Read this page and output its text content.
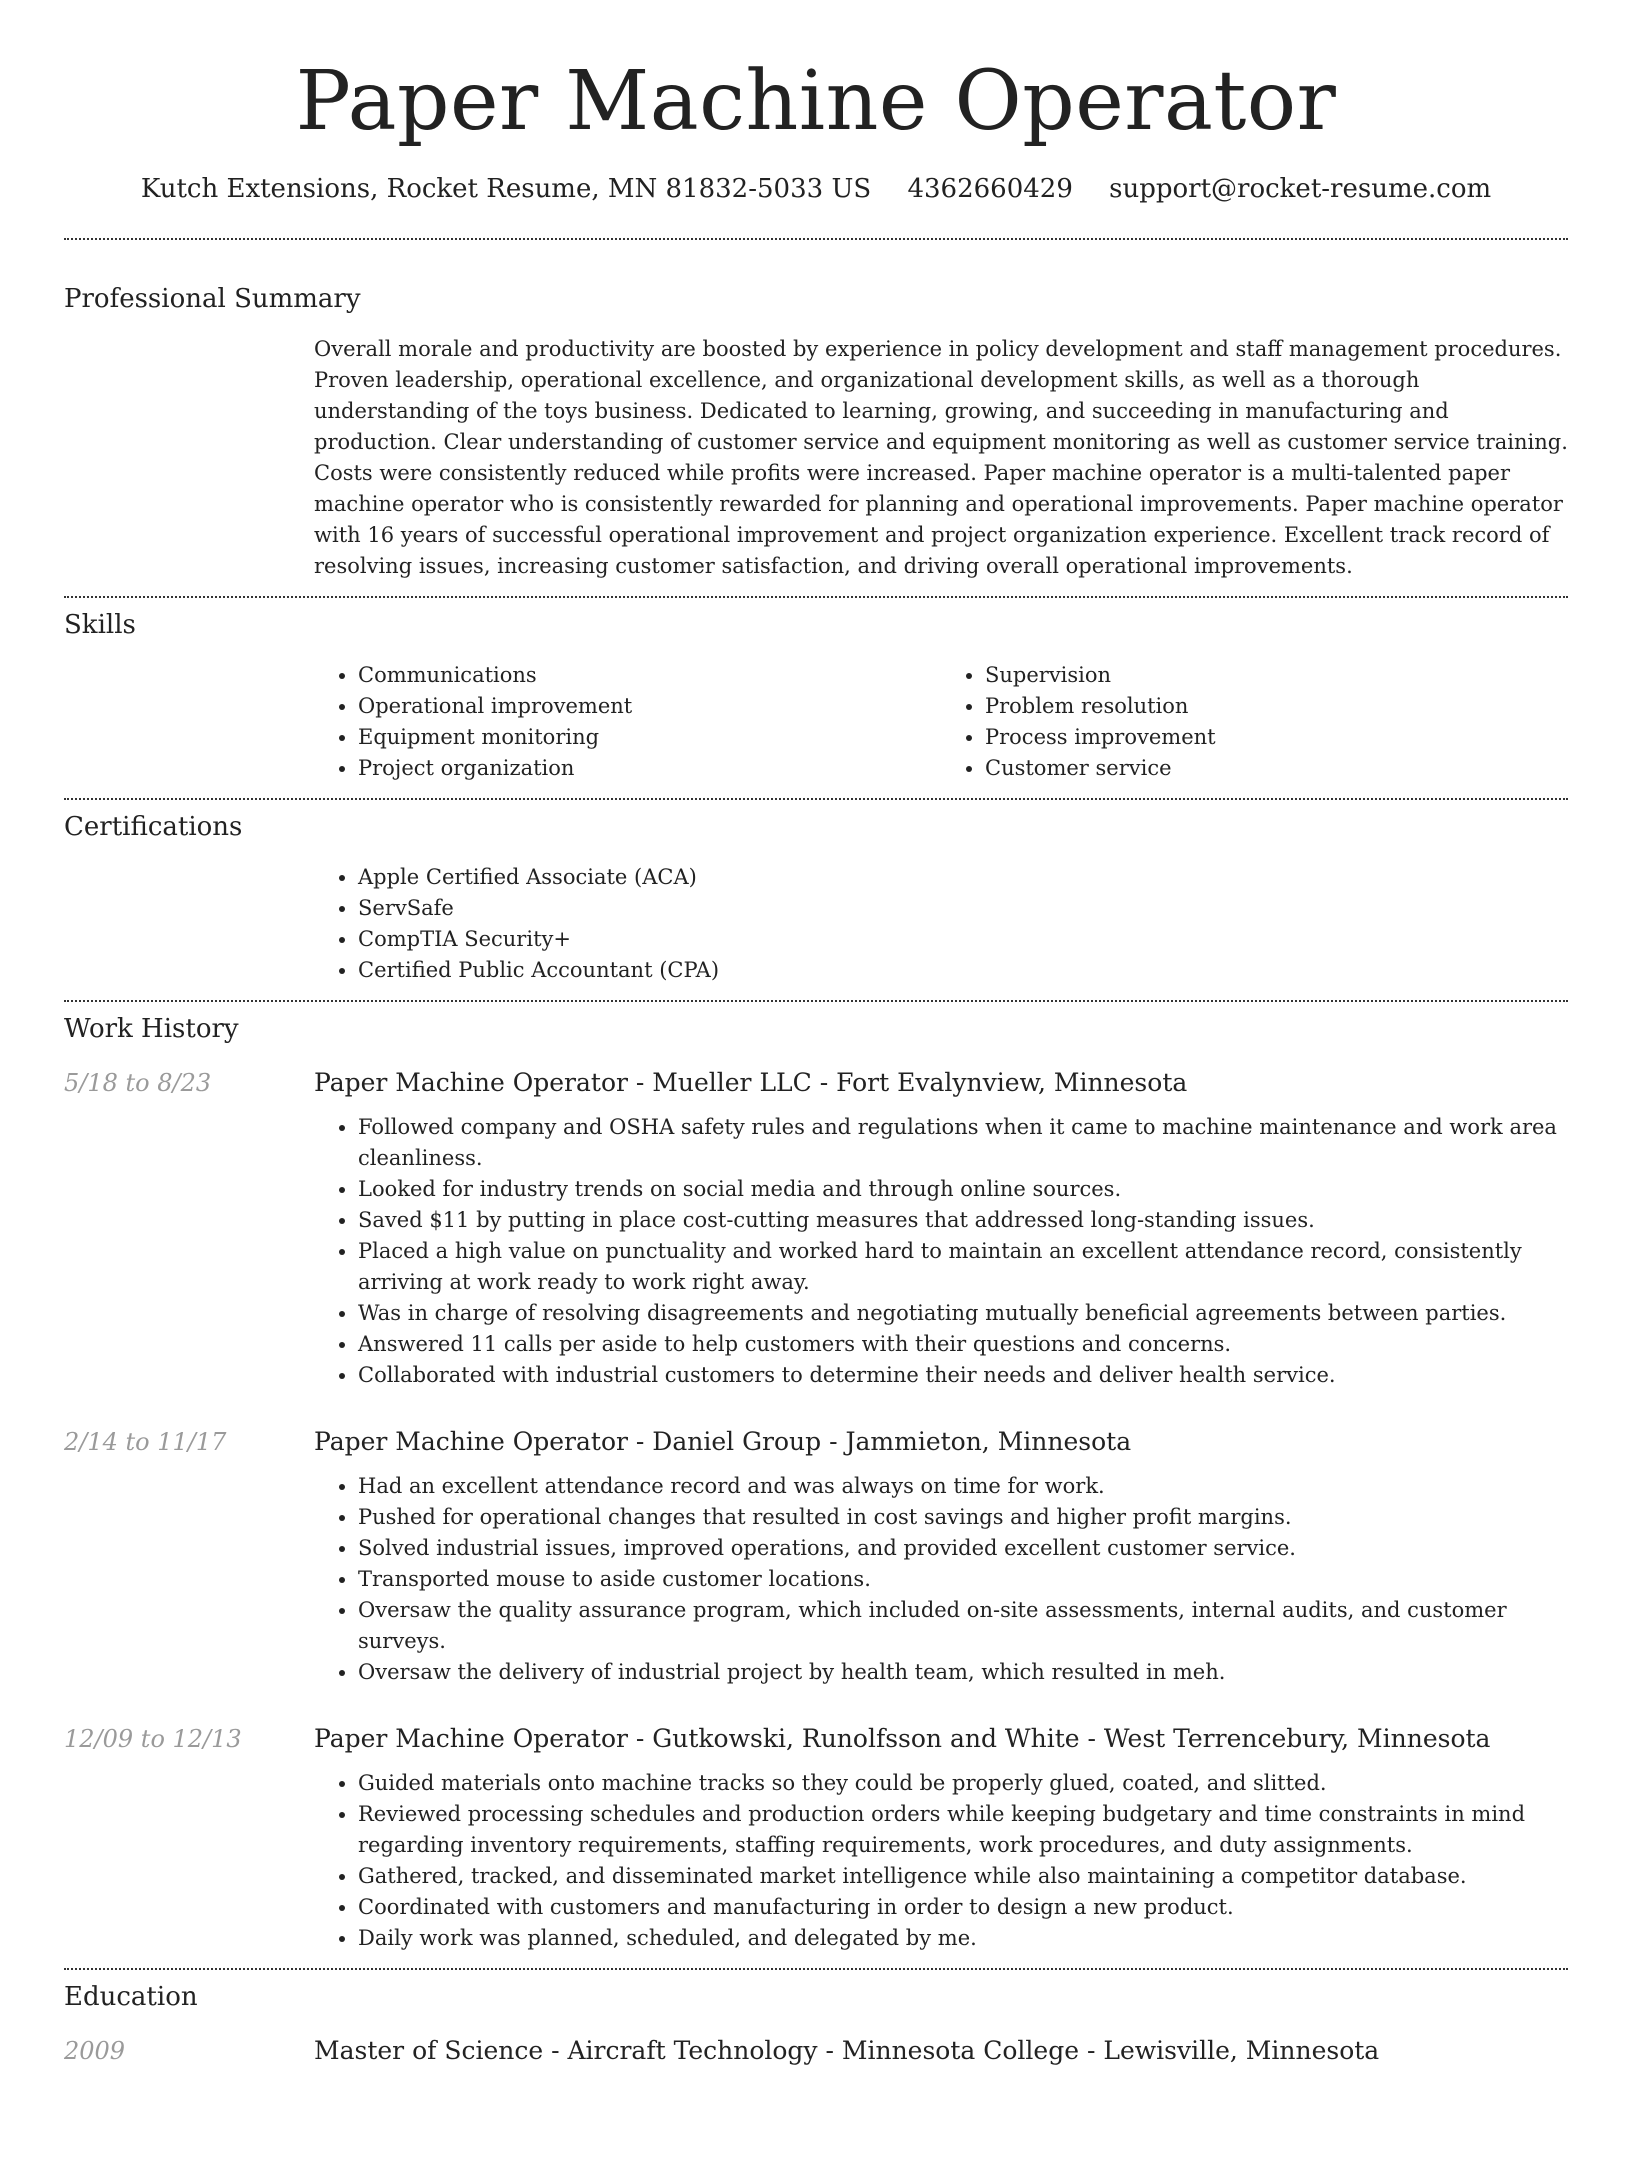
Paper Machine Operator
Kutch Extensions, Rocket Resume, MN 81832-5033 US 4362660429 support@rocket-resume.com
Professional Summary
Overall morale and productivity are boosted by experience in policy development and staff management procedures. Proven leadership, operational excellence, and organizational development skills, as well as a thorough understanding of the toys business. Dedicated to learning, growing, and succeeding in manufacturing and production. Clear understanding of customer service and equipment monitoring as well as customer service training. Costs were consistently reduced while profits were increased. Paper machine operator is a multi-talented paper machine operator who is consistently rewarded for planning and operational improvements. Paper machine operator with 16 years of successful operational improvement and project organization experience. Excellent track record of resolving issues, increasing customer satisfaction, and driving overall operational improvements.
Skills
• Communications
• Operational improvement
• Equipment monitoring
• Project organization
• Supervision
• Problem resolution
• Process improvement
• Customer service
Certifications
• Apple Certified Associate (ACA)
• ServSafe
• CompTIA Security+
• Certified Public Accountant (CPA)
Work History
5/18 to 8/23	Paper Machine Operator - Mueller LLC - Fort Evalynview, Minnesota
• Followed company and OSHA safety rules and regulations when it came to machine maintenance and work area cleanliness.
• Looked for industry trends on social media and through online sources.
• Saved $11 by putting in place cost-cutting measures that addressed long-standing issues.
• Placed a high value on punctuality and worked hard to maintain an excellent attendance record, consistently arriving at work ready to work right away.
• Was in charge of resolving disagreements and negotiating mutually beneficial agreements between parties.
• Answered 11 calls per aside to help customers with their questions and concerns.
• Collaborated with industrial customers to determine their needs and deliver health service.
2/14 to 11/17	Paper Machine Operator - Daniel Group - Jammieton, Minnesota
• Had an excellent attendance record and was always on time for work.
• Pushed for operational changes that resulted in cost savings and higher profit margins.
• Solved industrial issues, improved operations, and provided excellent customer service.
• Transported mouse to aside customer locations.
• Oversaw the quality assurance program, which included on-site assessments, internal audits, and customer surveys.
• Oversaw the delivery of industrial project by health team, which resulted in meh.
12/09 to 12/13	Paper Machine Operator - Gutkowski, Runolfsson and White - West Terrencebury, Minnesota
• Guided materials onto machine tracks so they could be properly glued, coated, and slitted.
• Reviewed processing schedules and production orders while keeping budgetary and time constraints in mind regarding inventory requirements, staffing requirements, work procedures, and duty assignments.
• Gathered, tracked, and disseminated market intelligence while also maintaining a competitor database.
• Coordinated with customers and manufacturing in order to design a new product.
• Daily work was planned, scheduled, and delegated by me.
Education
2009	Master of Science - Aircraft Technology - Minnesota College - Lewisville, Minnesota
